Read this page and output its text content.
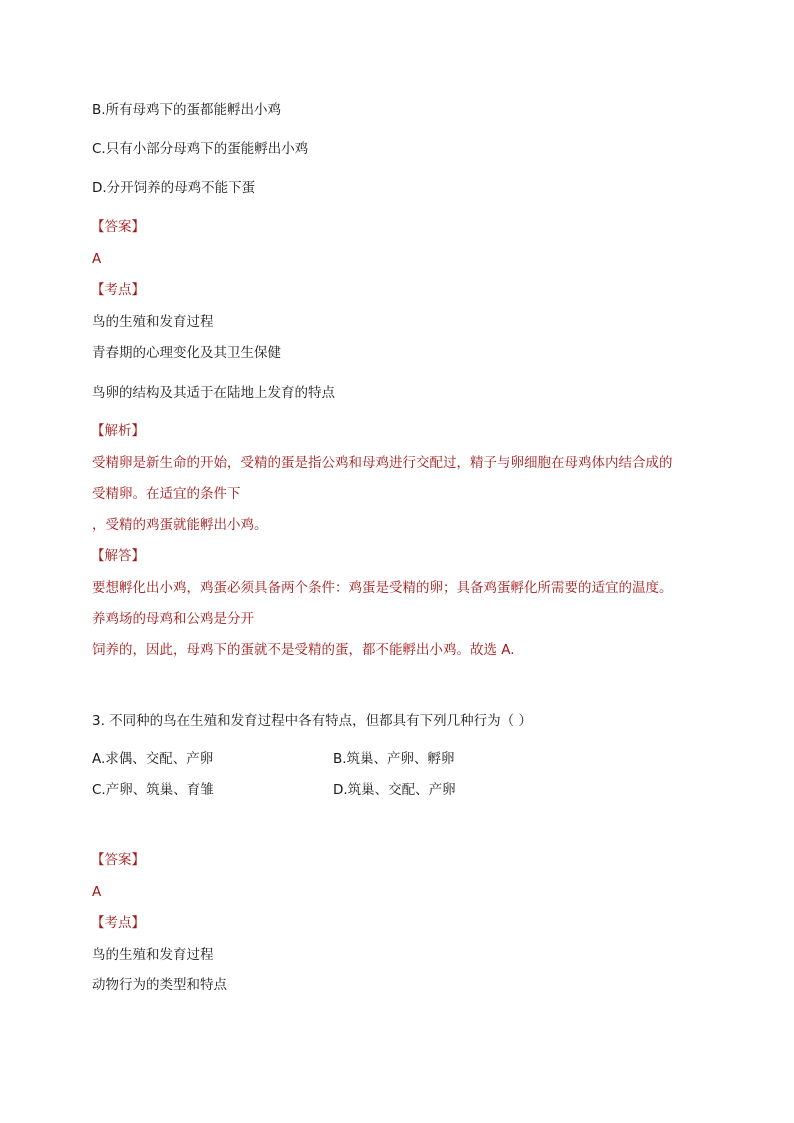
B.所有母鸡下的蛋都能孵出小鸡
C.只有小部分母鸡下的蛋能孵出小鸡
D.分开饲养的母鸡不能下蛋
【答案】
A
【考点】
鸟的生殖和发育过程
青春期的心理变化及其卫生保健
鸟卵的结构及其适于在陆地上发育的特点
【解析】
受精卵是新生命的开始，受精的蛋是指公鸡和母鸡进行交配过，精子与卵细胞在母鸡体内结合成的
受精卵。在适宜的条件下
，受精的鸡蛋就能孵出小鸡。
【解答】
要想孵化出小鸡，鸡蛋必须具备两个条件：鸡蛋是受精的卵；具备鸡蛋孵化所需要的适宜的温度。
养鸡场的母鸡和公鸡是分开
饲养的，因此，母鸡下的蛋就不是受精的蛋，都不能孵出小鸡。故选 A.
3. 不同种的鸟在生殖和发育过程中各有特点，但都具有下列几种行为（ ）
A.求偶、交配、产卵	B.筑巢、产卵、孵卵
C.产卵、筑巢、育雏	D.筑巢、交配、产卵
【答案】
A
【考点】
鸟的生殖和发育过程
动物行为的类型和特点
